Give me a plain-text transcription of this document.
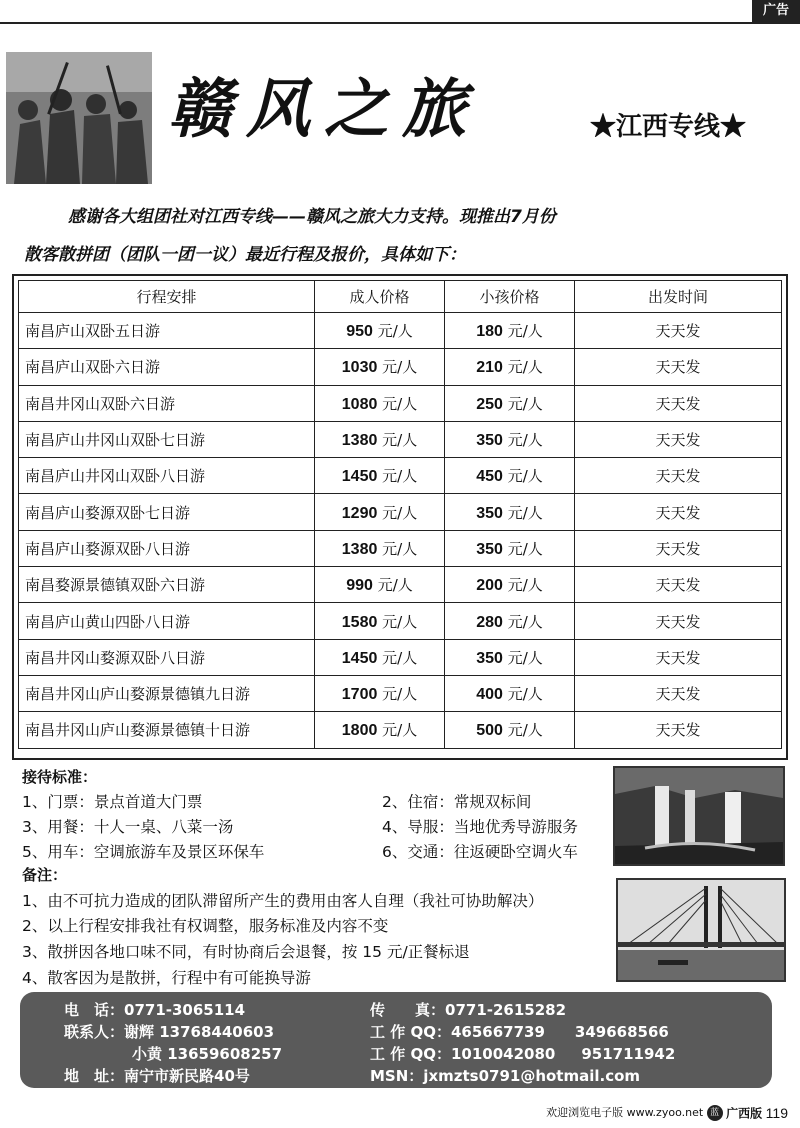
广告
赣风之旅	★江西专线★
感谢各大组团社对江西专线——赣风之旅大力支持。现推出7月份
散客散拼团（团队一团一议）最近行程及报价，具体如下：
行程安排	成人价格	小孩价格	出发时间
南昌庐山双卧五日游	950 元/人	180 元/人	天天发
南昌庐山双卧六日游	1030 元/人	210 元/人	天天发
南昌井冈山双卧六日游	1080 元/人	250 元/人	天天发
南昌庐山井冈山双卧七日游	1380 元/人	350 元/人	天天发
南昌庐山井冈山双卧八日游	1450 元/人	450 元/人	天天发
南昌庐山婺源双卧七日游	1290 元/人	350 元/人	天天发
南昌庐山婺源双卧八日游	1380 元/人	350 元/人	天天发
南昌婺源景德镇双卧六日游	990 元/人	200 元/人	天天发
南昌庐山黄山四卧八日游	1580 元/人	280 元/人	天天发
南昌井冈山婺源双卧八日游	1450 元/人	350 元/人	天天发
南昌井冈山庐山婺源景德镇九日游	1700 元/人	400 元/人	天天发
南昌井冈山庐山婺源景德镇十日游	1800 元/人	500 元/人	天天发
接待标准：
1、门票：景点首道大门票	2、住宿：常规双标间
3、用餐：十人一桌、八菜一汤	4、导服：当地优秀导游服务
5、用车：空调旅游车及景区环保车	6、交通：往返硬卧空调火车
备注：
1、由不可抗力造成的团队滞留所产生的费用由客人自理（我社可协助解决）
2、以上行程安排我社有权调整，服务标准及内容不变
3、散拼因各地口味不同，有时协商后会退餐，按 15 元/正餐标退
4、散客因为是散拼，行程中有可能换导游
电　话：0771-3065114	传　　真：0771-2615282
联系人：谢辉 13768440603	工 作 QQ：465667739 349668566
小黄 13659608257	工 作 QQ：1010042080 951711942
地　址：南宁市新民路40号	MSN：jxmzts0791@hotmail.com
欢迎浏览电子版 www.zyoo.net 蓝 广西版 119
